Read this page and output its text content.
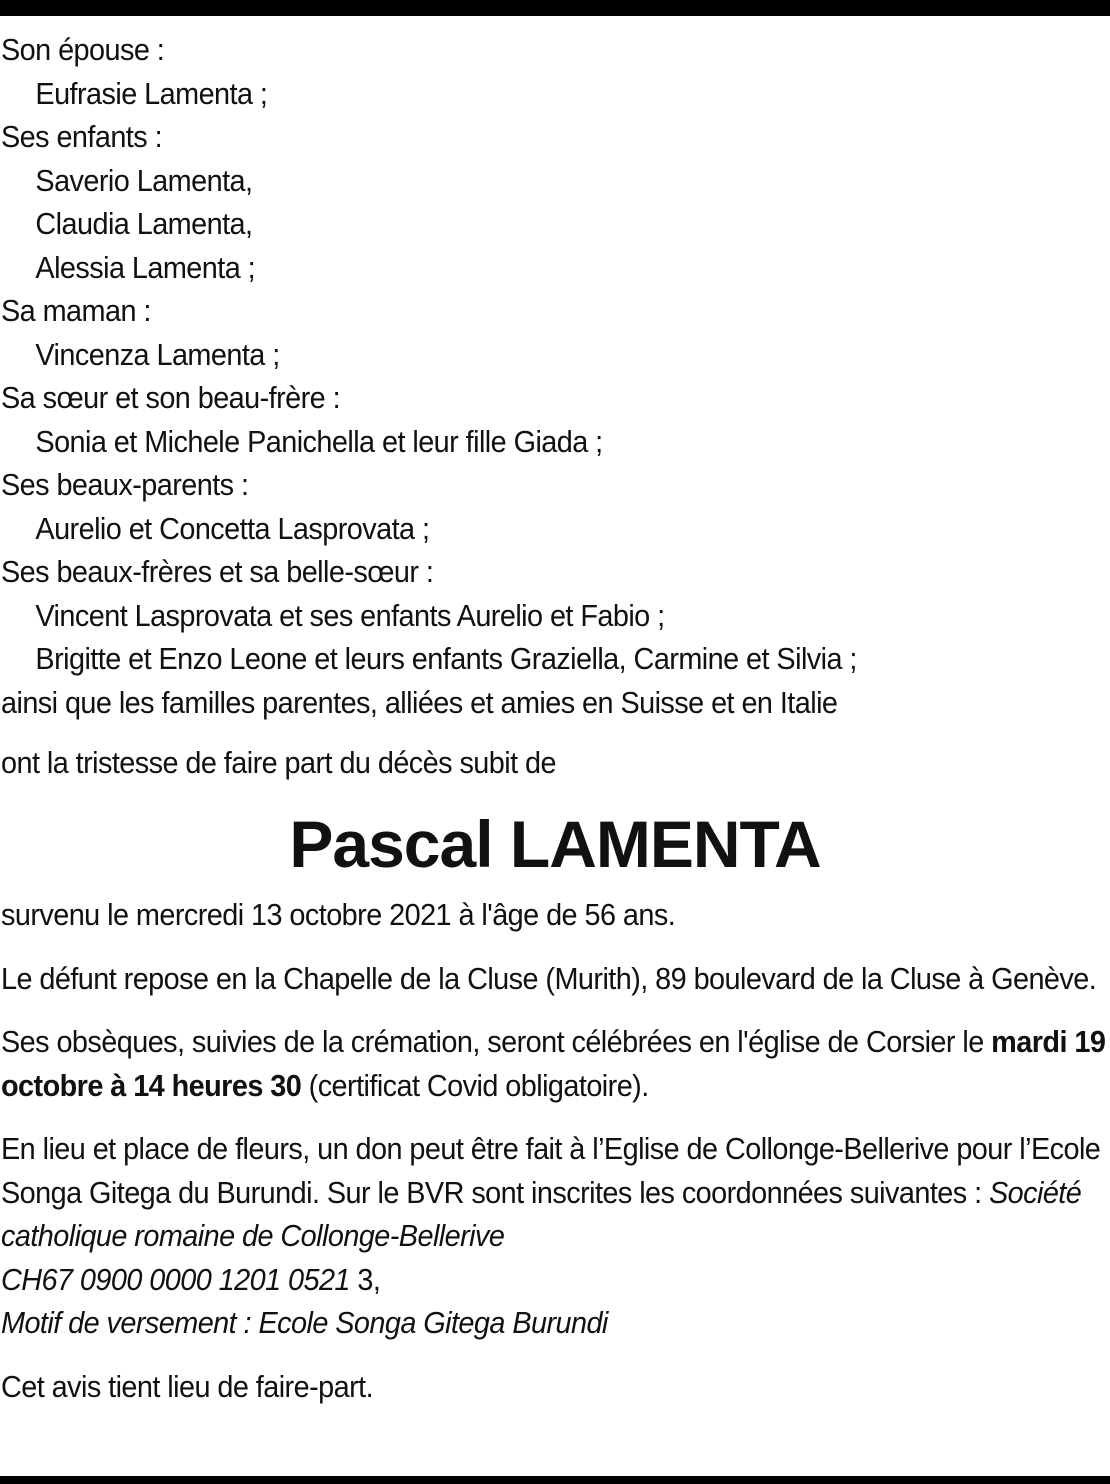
Son épouse :
Eufrasie Lamenta ;
Ses enfants :
Saverio Lamenta,
Claudia Lamenta,
Alessia Lamenta ;
Sa maman :
Vincenza Lamenta ;
Sa sœur et son beau-frère :
Sonia et Michele Panichella et leur fille Giada ;
Ses beaux-parents :
Aurelio et Concetta Lasprovata ;
Ses beaux-frères et sa belle-sœur :
Vincent Lasprovata et ses enfants Aurelio et Fabio ;
Brigitte et Enzo Leone et leurs enfants Graziella, Carmine et Silvia ;
ainsi que les familles parentes, alliées et amies en Suisse et en Italie
ont la tristesse de faire part du décès subit de
Pascal LAMENTA

survenu le mercredi 13 octobre 2021 à l'âge de 56 ans.

Le défunt repose en la Chapelle de la Cluse (Murith), 89 boulevard de la Cluse à Genève.

Ses obsèques, suivies de la crémation, seront célébrées en l'église de Corsier le mardi 19 octobre à 14 heures 30 (certificat Covid obligatoire).

En lieu et place de fleurs, un don peut être fait à l’Eglise de Collonge-Bellerive pour l’Ecole Songa Gitega du Burundi. Sur le BVR sont inscrites les coordonnées suivantes : Société catholique romaine de Collonge-Bellerive
CH67 0900 0000 1201 0521 3,
Motif de versement : Ecole Songa Gitega Burundi

Cet avis tient lieu de faire-part.
